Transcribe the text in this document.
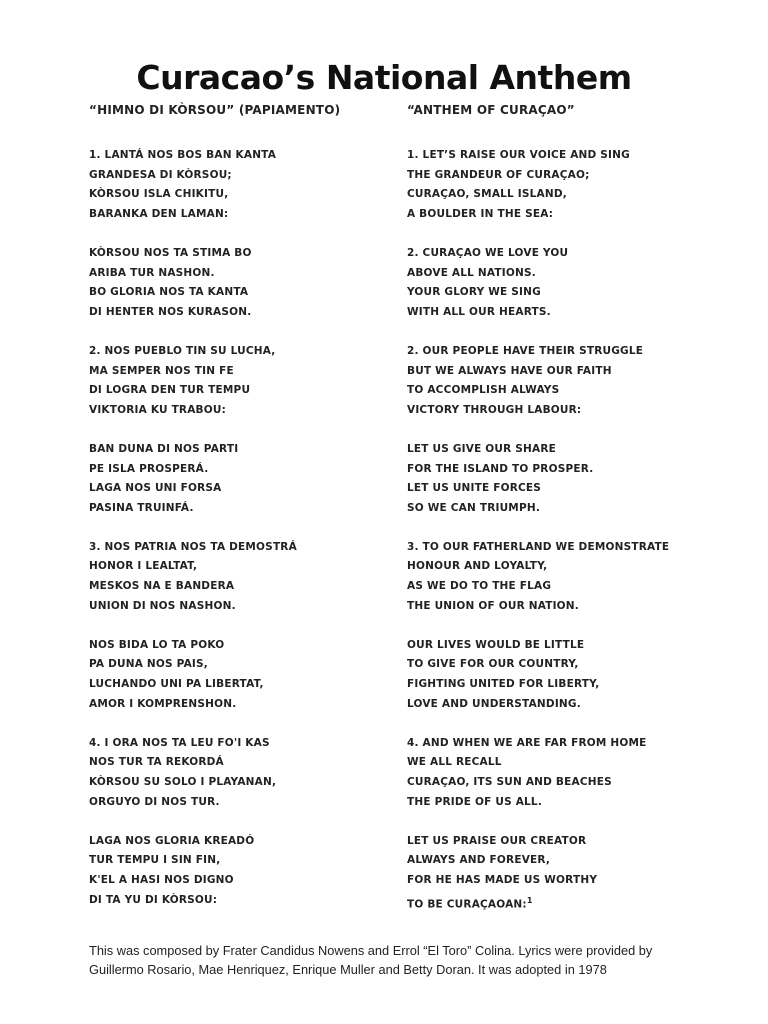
Curacao’s National Anthem
“HIMNO DI KÒRSOU” (PAPIAMENTO)
1. LANTÁ NOS BOS BAN KANTA
GRANDESA DI KÒRSOU;
KÒRSOU ISLA CHIKITU,
BARANKA DEN LAMAN:
KÒRSOU NOS TA STIMA BO
ARIBA TUR NASHON.
BO GLORIA NOS TA KANTA
DI HENTER NOS KURASON.
2. NOS PUEBLO TIN SU LUCHA,
MA SEMPER NOS TIN FE
DI LOGRA DEN TUR TEMPU
VIKTORIA KU TRABOU:
BAN DUNA DI NOS PARTI
PE ISLA PROSPERÁ.
LAGA NOS UNI FORSA
PASINA TRUINFÁ.
3. NOS PATRIA NOS TA DEMOSTRÁ
HONOR I LEALTAT,
MESKOS NA E BANDERA
UNION DI NOS NASHON.
NOS BIDA LO TA POKO
PA DUNA NOS PAIS,
LUCHANDO UNI PA LIBERTAT,
AMOR I KOMPRENSHON.
4. I ORA NOS TA LEU FO'I KAS
NOS TUR TA REKORDÁ
KÒRSOU SU SOLO I PLAYANAN,
ORGUYO DI NOS TUR.
LAGA NOS GLORIA KREADÓ
TUR TEMPU I SIN FIN,
K'EL A HASI NOS DIGNO
DI TA YU DI KÒRSOU:
“ANTHEM OF CURAÇAO”
1. LET’S RAISE OUR VOICE AND SING
THE GRANDEUR OF CURAÇAO;
CURAÇAO, SMALL ISLAND,
A BOULDER IN THE SEA:
2. CURAÇAO WE LOVE YOU
ABOVE ALL NATIONS.
YOUR GLORY WE SING
WITH ALL OUR HEARTS.
2. OUR PEOPLE HAVE THEIR STRUGGLE
BUT WE ALWAYS HAVE OUR FAITH
TO ACCOMPLISH ALWAYS
VICTORY THROUGH LABOUR:
LET US GIVE OUR SHARE
FOR THE ISLAND TO PROSPER.
LET US UNITE FORCES
SO WE CAN TRIUMPH.
3. TO OUR FATHERLAND WE DEMONSTRATE
HONOUR AND LOYALTY,
AS WE DO TO THE FLAG
THE UNION OF OUR NATION.
OUR LIVES WOULD BE LITTLE
TO GIVE FOR OUR COUNTRY,
FIGHTING UNITED FOR LIBERTY,
LOVE AND UNDERSTANDING.
4. AND WHEN WE ARE FAR FROM HOME
WE ALL RECALL
CURAÇAO, ITS SUN AND BEACHES
THE PRIDE OF US ALL.
LET US PRAISE OUR CREATOR
ALWAYS AND FOREVER,
FOR HE HAS MADE US WORTHY
TO BE CURAÇAOAN:$^1$
This was composed by Frater Candidus Nowens and Errol “El Toro” Colina. Lyrics were provided by Guillermo Rosario, Mae Henriquez, Enrique Muller and Betty Doran. It was adopted in 1978
